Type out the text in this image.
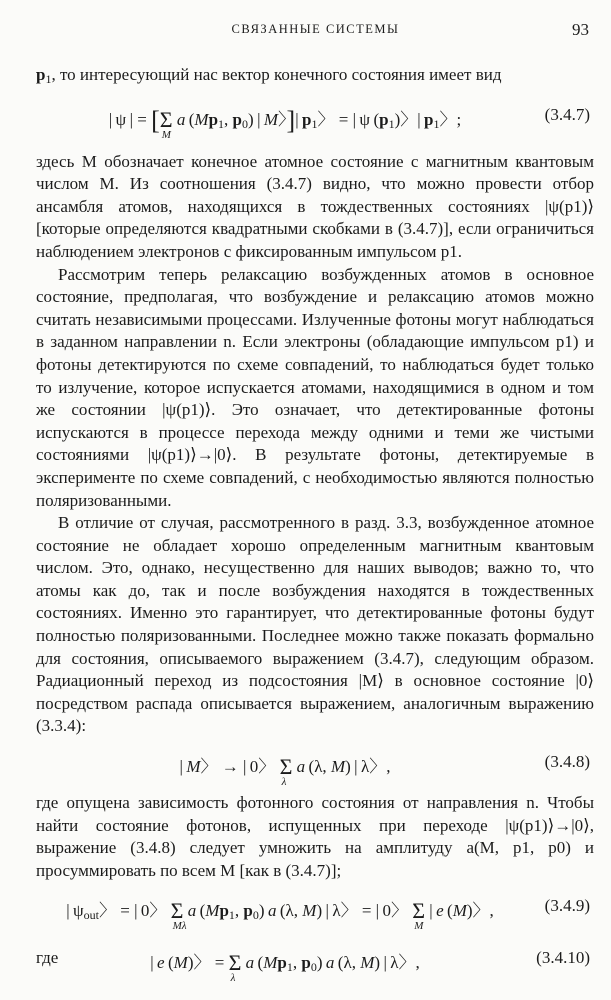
СВЯЗАННЫЕ СИСТЕМЫ	93

p1, то интересующий нас вектор конечного состояния имеет вид

| ψ | = [Σ
M
a (Mp1, p0) | M〉]| p1〉 = | ψ (p1)〉| p1〉;	(3.4.7)

здесь M обозначает конечное атомное состояние с магнитным квантовым числом M. Из соотношения (3.4.7) видно, что можно провести отбор ансамбля атомов, находящихся в тождественных состояниях |ψ(p1)⟩ [которые определяются квадратными скобками в (3.4.7)], если ограничиться наблюдением электронов с фиксированным импульсом p1.

Рассмотрим теперь релаксацию возбужденных атомов в основное состояние, предполагая, что возбуждение и релаксацию атомов можно считать независимыми процессами. Излученные фотоны могут наблюдаться в заданном направлении n. Если электроны (обладающие импульсом p1) и фотоны детектируются по схеме совпадений, то наблюдаться будет только то излучение, которое испускается атомами, находящимися в одном и том же состоянии |ψ(p1)⟩. Это означает, что детектированные фотоны испускаются в процессе перехода между одними и теми же чистыми состояниями |ψ(p1)⟩→|0⟩. В результате фотоны, детектируемые в эксперименте по схеме совпадений, с необходимостью являются полностью поляризованными.

В отличие от случая, рассмотренного в разд. 3.3, возбужденное атомное состояние не обладает хорошо определенным магнитным квантовым числом. Это, однако, несущественно для наших выводов; важно то, что атомы как до, так и после возбуждения находятся в тождественных состояниях. Именно это гарантирует, что детектированные фотоны будут полностью поляризованными. Последнее можно также показать формально для состояния, описываемого выражением (3.4.7), следующим образом. Радиационный переход из подсостояния |M⟩ в основное состояние |0⟩ посредством распада описывается выражением, аналогичным выражению (3.3.4):

| M〉 → | 0〉 Σ
λ
a (λ, M) | λ〉,	(3.4.8)

где опущена зависимость фотонного состояния от направления n. Чтобы найти состояние фотонов, испущенных при переходе |ψ(p1)⟩→|0⟩, выражение (3.4.8) следует умножить на амплитуду a(M, p1, p0) и просуммировать по всем M [как в (3.4.7)];

| ψout〉 = | 0〉 Σ
Mλ
a (Mp1, p0) a (λ, M) | λ〉 = | 0〉 Σ
M
| e (M)〉,	(3.4.9)
где	| e (M)〉 = Σ
λ
a (Mp1, p0) a (λ, M) | λ〉,	(3.4.10)
